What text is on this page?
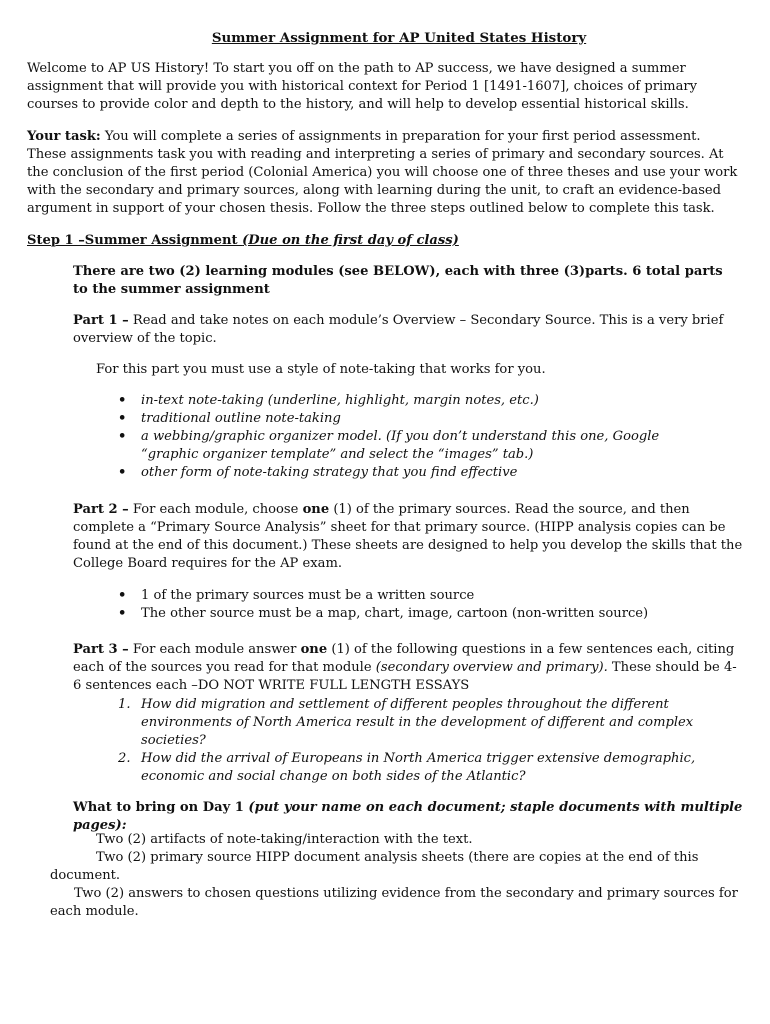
Summer Assignment for AP United States History

Welcome to AP US History! To start you off on the path to AP success, we have designed a summer assignment that will provide you with historical context for Period 1 [1491-1607], choices of primary courses to provide color and depth to the history, and will help to develop essential historical skills.

Your task: You will complete a series of assignments in preparation for your first period assessment. These assignments task you with reading and interpreting a series of primary and secondary sources. At the conclusion of the first period (Colonial America) you will choose one of three theses and use your work with the secondary and primary sources, along with learning during the unit, to craft an evidence-based argument in support of your chosen thesis. Follow the three steps outlined below to complete this task.

Step 1 –Summer Assignment (Due on the first day of class)

There are two (2) learning modules (see BELOW), each with three (3)parts. 6 total parts to the summer assignment

Part 1 – Read and take notes on each module’s Overview – Secondary Source. This is a very brief overview of the topic.

For this part you must use a style of note-taking that works for you.

• in-text note-taking (underline, highlight, margin notes, etc.)
• traditional outline note-taking
• a webbing/graphic organizer model. (If you don’t understand this one, Google “graphic organizer template” and select the “images” tab.)
• other form of note-taking strategy that you find effective

Part 2 – For each module, choose one (1) of the primary sources. Read the source, and then complete a “Primary Source Analysis” sheet for that primary source. (HIPP analysis copies can be found at the end of this document.) These sheets are designed to help you develop the skills that the College Board requires for the AP exam.

• 1 of the primary sources must be a written source
• The other source must be a map, chart, image, cartoon (non-written source)

Part 3 – For each module answer one (1) of the following questions in a few sentences each, citing each of the sources you read for that module (secondary overview and primary). These should be 4-6 sentences each –DO NOT WRITE FULL LENGTH ESSAYS

1. How did migration and settlement of different peoples throughout the different environments of North America result in the development of different and complex societies?
2. How did the arrival of Europeans in North America trigger extensive demographic, economic and social change on both sides of the Atlantic?

What to bring on Day 1 (put your name on each document; staple documents with multiple pages):

Two (2) artifacts of note-taking/interaction with the text.

Two (2) primary source HIPP document analysis sheets (there are copies at the end of this document.

Two (2) answers to chosen questions utilizing evidence from the secondary and primary sources for each module.
